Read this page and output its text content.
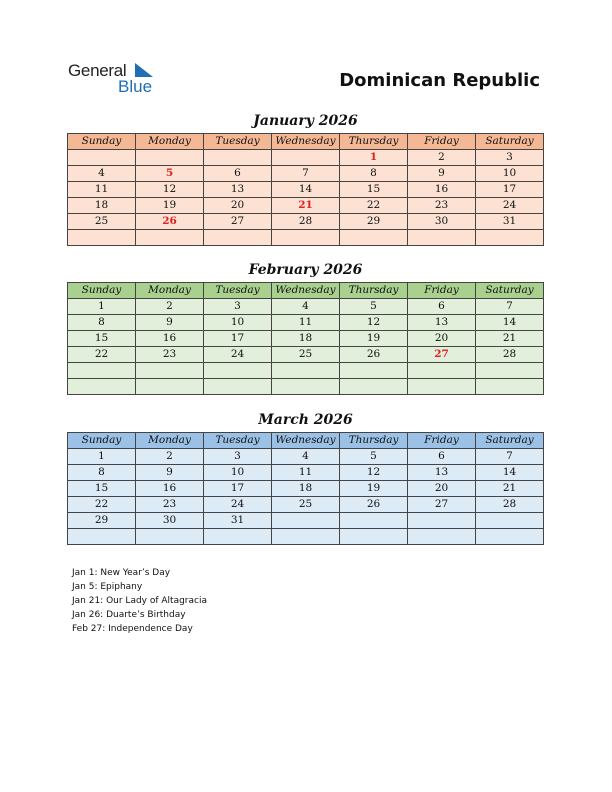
General
Blue	Dominican Republic
January 2026
Sunday	Monday	Tuesday	Wednesday	Thursday	Friday	Saturday
				1	2	3
4	5	6	7	8	9	10
11	12	13	14	15	16	17
18	19	20	21	22	23	24
25	26	27	28	29	30	31

February 2026
Sunday	Monday	Tuesday	Wednesday	Thursday	Friday	Saturday
1	2	3	4	5	6	7
8	9	10	11	12	13	14
15	16	17	18	19	20	21
22	23	24	25	26	27	28

March 2026
Sunday	Monday	Tuesday	Wednesday	Thursday	Friday	Saturday
1	2	3	4	5	6	7
8	9	10	11	12	13	14
15	16	17	18	19	20	21
22	23	24	25	26	27	28
29	30	31				

Jan 1: New Year’s Day
Jan 5: Epiphany
Jan 21: Our Lady of Altagracia
Jan 26: Duarte’s Birthday
Feb 27: Independence Day
